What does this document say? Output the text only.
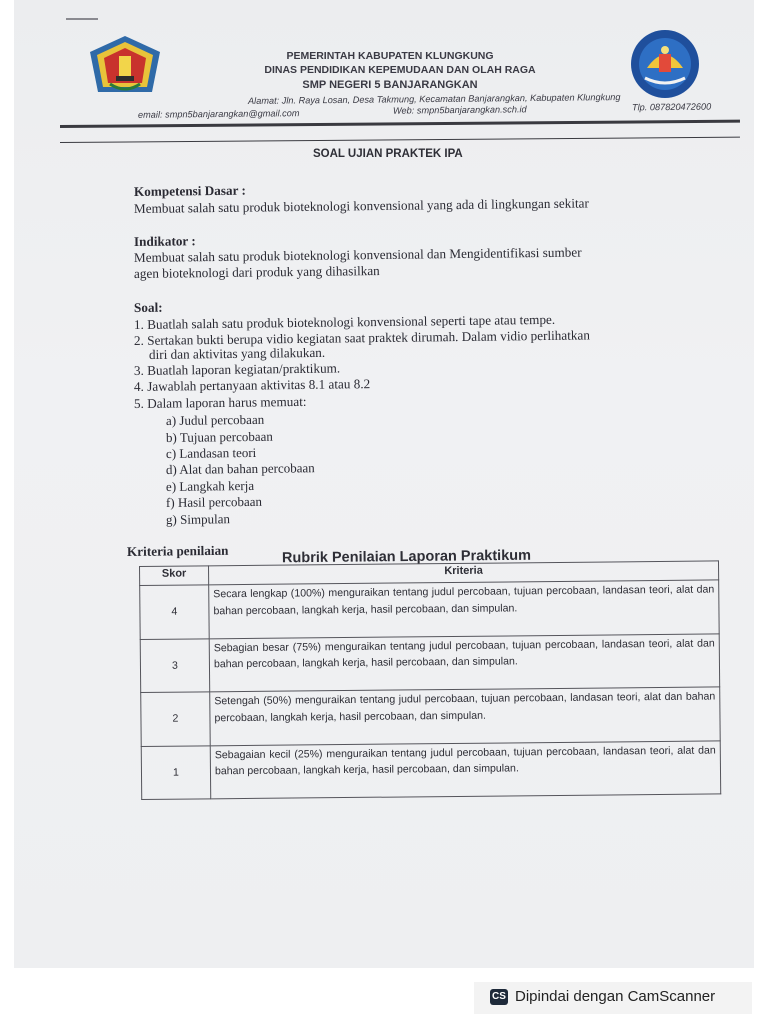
PEMERINTAH KABUPATEN KLUNGKUNG
DINAS PENDIDIKAN KEPEMUDAAN DAN OLAH RAGA
SMP NEGERI 5 BANJARANGKAN
Alamat: Jln. Raya Losan, Desa Takmung, Kecamatan Banjarangkan, Kabupaten Klungkung
email: smpn5banjarangkan@gmail.com	Web: smpn5banjarangkan.sch.id	Tlp. 087820472600
SOAL UJIAN PRAKTEK IPA
Kompetensi Dasar :
Membuat salah satu produk bioteknologi konvensional yang ada di lingkungan sekitar
Indikator :
Membuat salah satu produk bioteknologi konvensional dan Mengidentifikasi sumber
agen bioteknologi dari produk yang dihasilkan
Soal:
1. Buatlah salah satu produk bioteknologi konvensional seperti tape atau tempe.
2. Sertakan bukti berupa vidio kegiatan saat praktek dirumah. Dalam vidio perlihatkan
diri dan aktivitas yang dilakukan.
3. Buatlah laporan kegiatan/praktikum.
4. Jawablah pertanyaan aktivitas 8.1 atau 8.2
5. Dalam laporan harus memuat:
a) Judul percobaan
b) Tujuan percobaan
c) Landasan teori
d) Alat dan bahan percobaan
e) Langkah kerja
f) Hasil percobaan
g) Simpulan
Kriteria penilaian	Rubrik Penilaian Laporan Praktikum
Skor	Kriteria
4	Secara lengkap (100%) menguraikan tentang judul percobaan, tujuan percobaan, landasan teori, alat dan bahan percobaan, langkah kerja, hasil percobaan, dan simpulan.
3	Sebagian besar (75%) menguraikan tentang judul percobaan, tujuan percobaan, landasan teori, alat dan bahan percobaan, langkah kerja, hasil percobaan, dan simpulan.
2	Setengah (50%) menguraikan tentang judul percobaan, tujuan percobaan, landasan teori, alat dan bahan percobaan, langkah kerja, hasil percobaan, dan simpulan.
1	Sebagaian kecil (25%) menguraikan tentang judul percobaan, tujuan percobaan, landasan teori, alat dan bahan percobaan, langkah kerja, hasil percobaan, dan simpulan.
CS Dipindai dengan CamScanner
